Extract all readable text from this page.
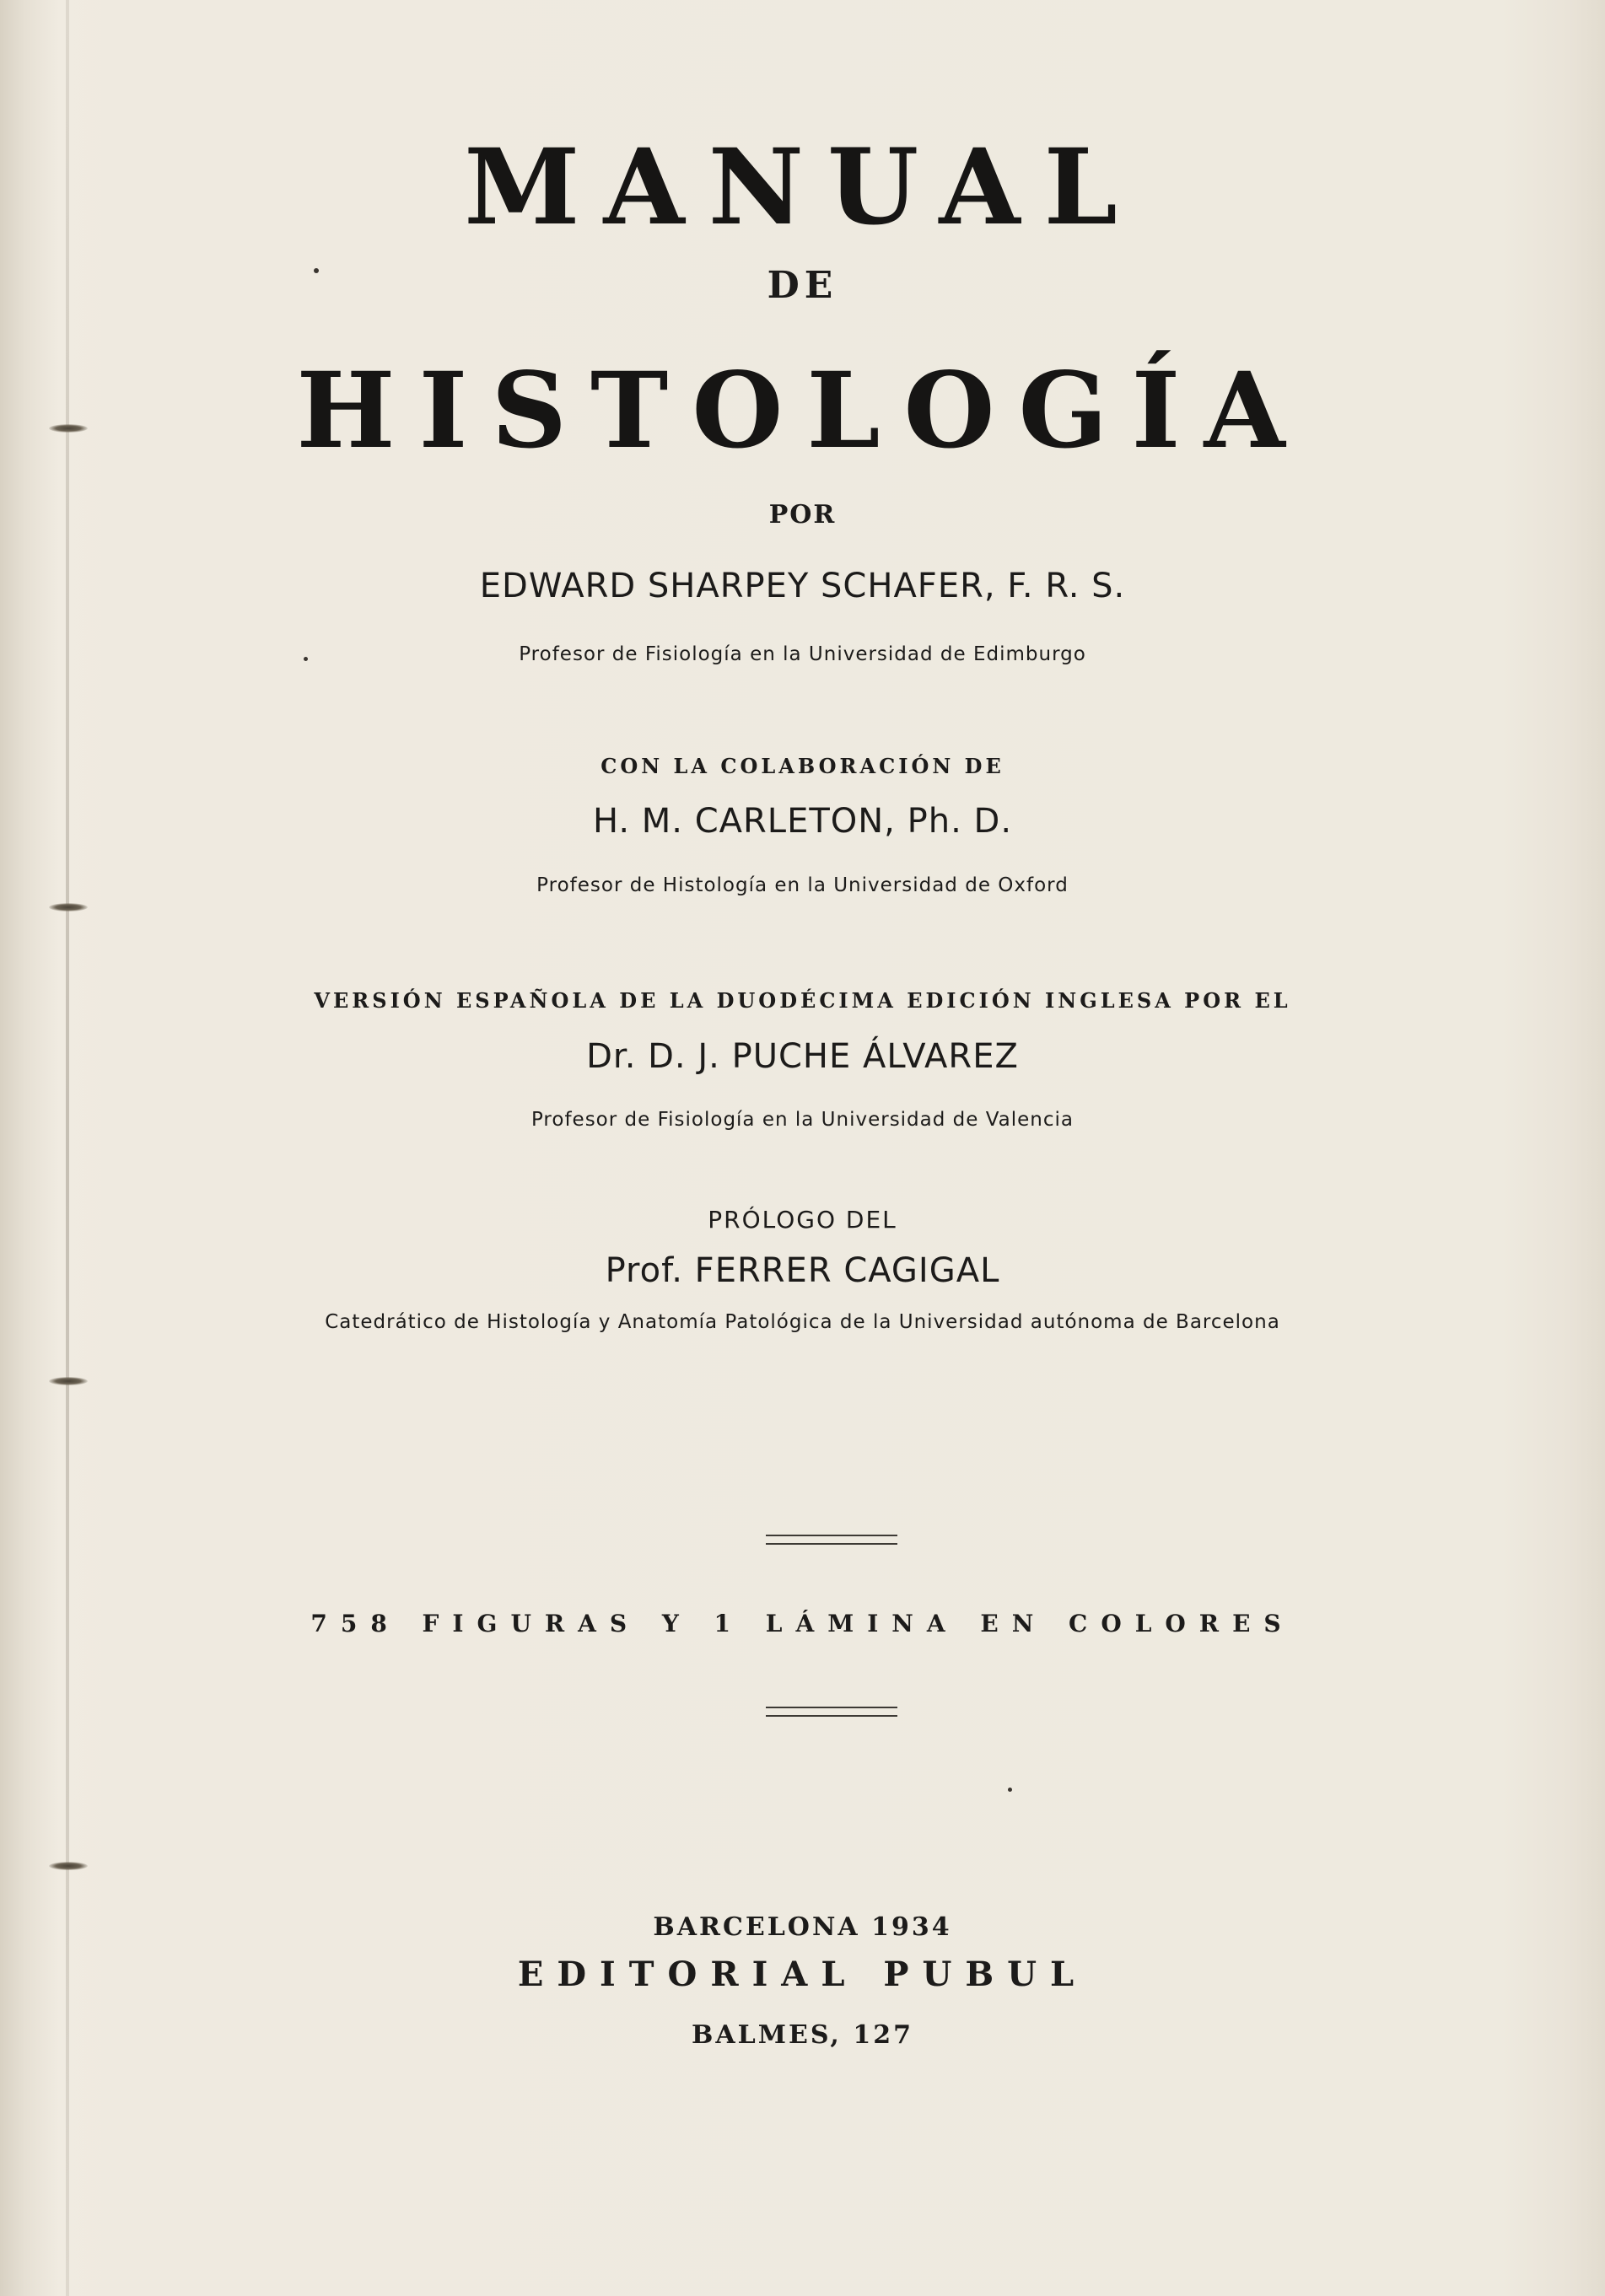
MANUAL
DE
HISTOLOGÍA
POR
EDWARD SHARPEY SCHAFER, F. R. S.
Profesor de Fisiología en la Universidad de Edimburgo
CON LA COLABORACIÓN DE
H. M. CARLETON, Ph. D.
Profesor de Histología en la Universidad de Oxford
VERSIÓN ESPAÑOLA DE LA DUODÉCIMA EDICIÓN INGLESA POR EL
Dr. D. J. PUCHE ÁLVAREZ
Profesor de Fisiología en la Universidad de Valencia
PRÓLOGO DEL
Prof. FERRER CAGIGAL
Catedrático de Histología y Anatomía Patológica de la Universidad autónoma de Barcelona
758 FIGURAS Y 1 LÁMINA EN COLORES
BARCELONA 1934
EDITORIAL PUBUL
BALMES, 127
